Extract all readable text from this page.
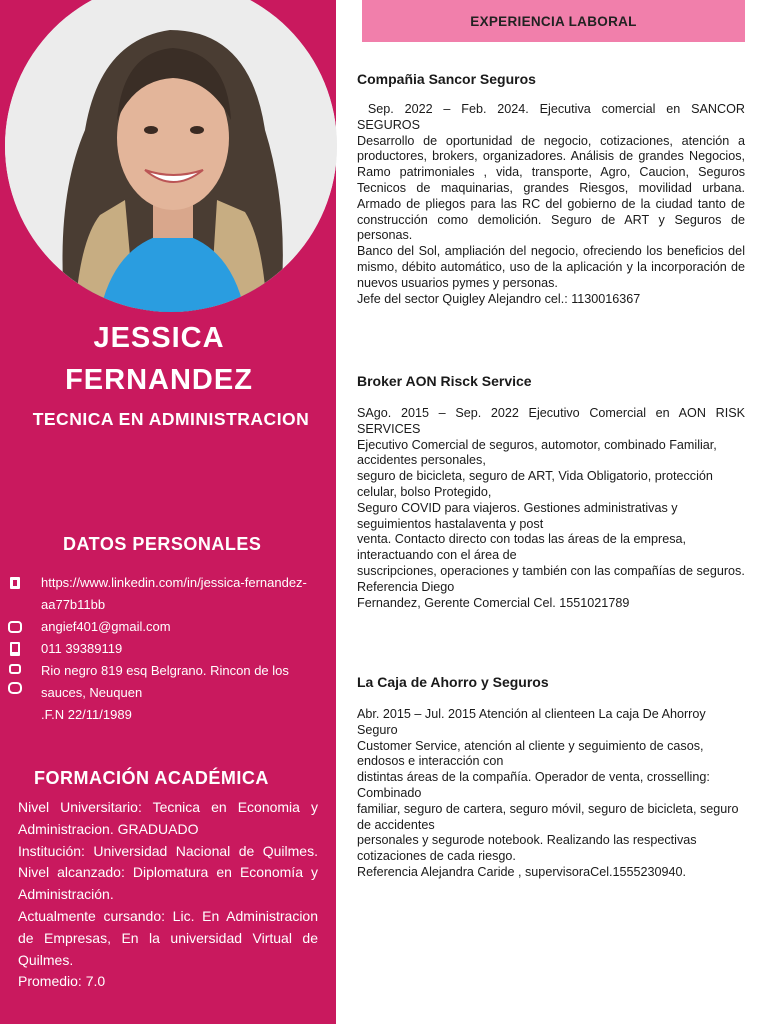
JESSICA
FERNANDEZ
TECNICA EN ADMINISTRACION
DATOS PERSONALES
https://www.linkedin.com/in/jessica-fernandez-aa77b11bb
angief401@gmail.com
011 39389119
Rio negro 819 esq Belgrano. Rincon de los sauces, Neuquen
.F.N 22/11/1989
FORMACIÓN ACADÉMICA
Nivel Universitario: Tecnica en Economia y Administracion. GRADUADO
Institución: Universidad Nacional de Quilmes. Nivel alcanzado: Diplomatura en Economía y Administración.
Actualmente cursando: Lic. En Administracion de Empresas, En la universidad Virtual de Quilmes.
Promedio: 7.0
EXPERIENCIA LABORAL
Compañia Sancor Seguros

Sep. 2022 – Feb. 2024. Ejecutiva comercial en SANCOR SEGUROS

Desarrollo de oportunidad de negocio, cotizaciones, atención a productores, brokers, organizadores. Análisis de grandes Negocios, Ramo patrimoniales , vida, transporte, Agro, Caucion, Seguros Tecnicos de maquinarias, grandes Riesgos, movilidad urbana. Armado de pliegos para las RC del gobierno de la ciudad tanto de construcción como demolición. Seguro de ART y Seguros de personas.

Banco del Sol, ampliación del negocio, ofreciendo los beneficios del mismo, débito automático, uso de la aplicación y la incorporación de nuevos usuarios pymes y personas.

Jefe del sector Quigley Alejandro cel.: 1130016367

Broker AON Risck Service

SAgo. 2015 – Sep. 2022 Ejecutivo Comercial en AON RISK SERVICES

Ejecutivo Comercial de seguros, automotor, combinado Familiar, accidentes personales,

seguro de bicicleta, seguro de ART, Vida Obligatorio, protección celular, bolso Protegido,

Seguro COVID para viajeros. Gestiones administrativas y seguimientos hastalaventa y post

venta. Contacto directo con todas las áreas de la empresa, interactuando con el área de

suscripciones, operaciones y también con las compañías de seguros. Referencia Diego

Fernandez, Gerente Comercial Cel. 1551021789

La Caja de Ahorro y Seguros

Abr. 2015 – Jul. 2015 Atención al clienteen La caja De Ahorroy Seguro

Customer Service, atención al cliente y seguimiento de casos, endosos e interacción con

distintas áreas de la compañía. Operador de venta, crosselling: Combinado

familiar, seguro de cartera, seguro móvil, seguro de bicicleta, seguro de accidentes

personales y segurode notebook. Realizando las respectivas cotizaciones de cada riesgo.

Referencia Alejandra Caride , supervisoraCel.1555230940.
